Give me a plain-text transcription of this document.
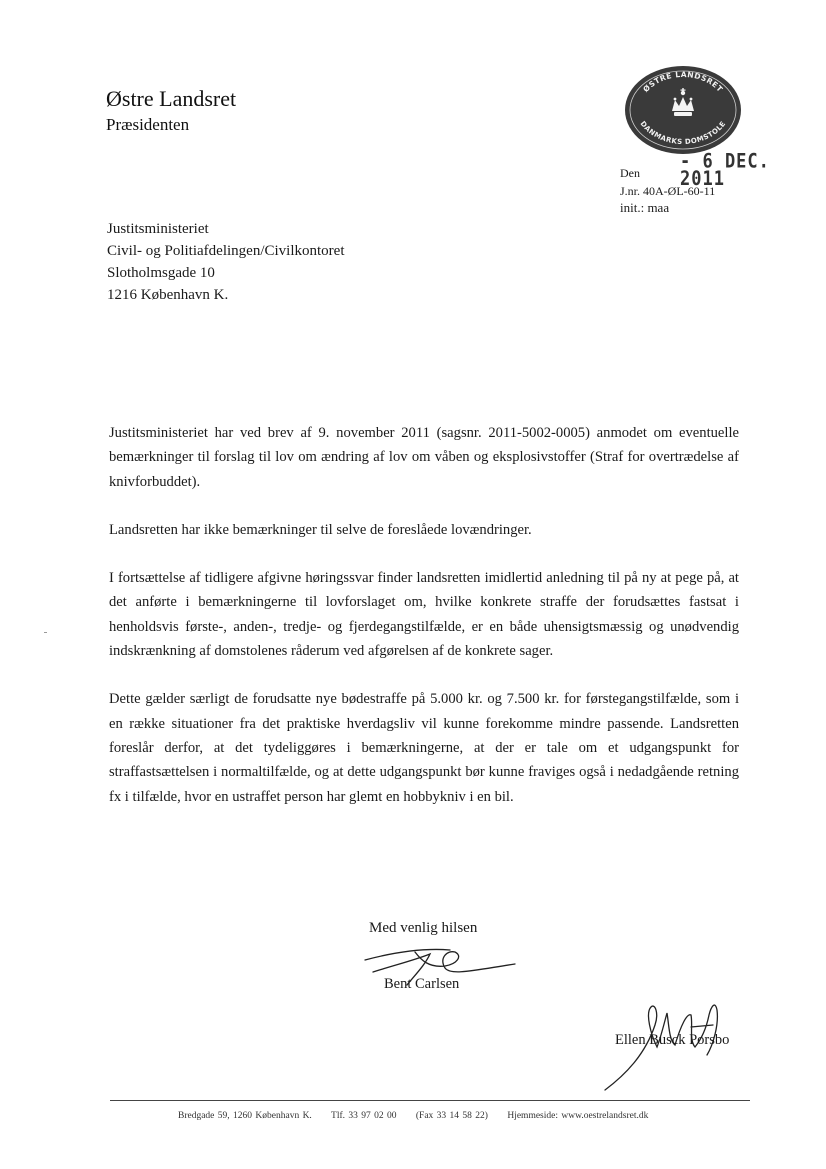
Østre Landsret
Præsidenten
ØSTRE LANDSRET
DANMARKS DOMSTOLE
Den - 6 DEC. 2011
J.nr. 40A-ØL-60-11
init.: maa
Justitsministeriet
Civil- og Politiafdelingen/Civilkontoret
Slotholmsgade 10
1216 København K.

Justitsministeriet har ved brev af 9. november 2011 (sagsnr. 2011-5002-0005) anmodet om eventuelle bemærkninger til forslag til lov om ændring af lov om våben og eksplosivstoffer (Straf for overtrædelse af knivforbuddet).

Landsretten har ikke bemærkninger til selve de foreslåede lovændringer.

I fortsættelse af tidligere afgivne høringssvar finder landsretten imidlertid anledning til på ny at pege på, at det anførte i bemærkningerne til lovforslaget om, hvilke konkrete straffe der forudsættes fastsat i henholdsvis første-, anden-, tredje- og fjerdegangstilfælde, er en både uhensigtsmæssig og unødvendig indskrænkning af domstolenes råderum ved afgørelsen af de konkrete sager.

Dette gælder særligt de forudsatte nye bødestraffe på 5.000 kr. og 7.500 kr. for førstegangstilfælde, som i en række situationer fra det praktiske hverdagsliv vil kunne forekomme mindre passende. Landsretten foreslår derfor, at det tydeliggøres i bemærkningerne, at der er tale om et udgangspunkt for straffastsættelsen i normaltilfælde, og at dette udgangspunkt bør kunne fraviges også i nedadgående retning fx i tilfælde, hvor en ustraffet person har glemt en hobbykniv i en bil.

Med venlig hilsen
Bent Carlsen
Ellen Busck Porsbo
Bredgade 59, 1260 København K. Tlf. 33 97 02 00 (Fax 33 14 58 22) Hjemmeside: www.oestrelandsret.dk
